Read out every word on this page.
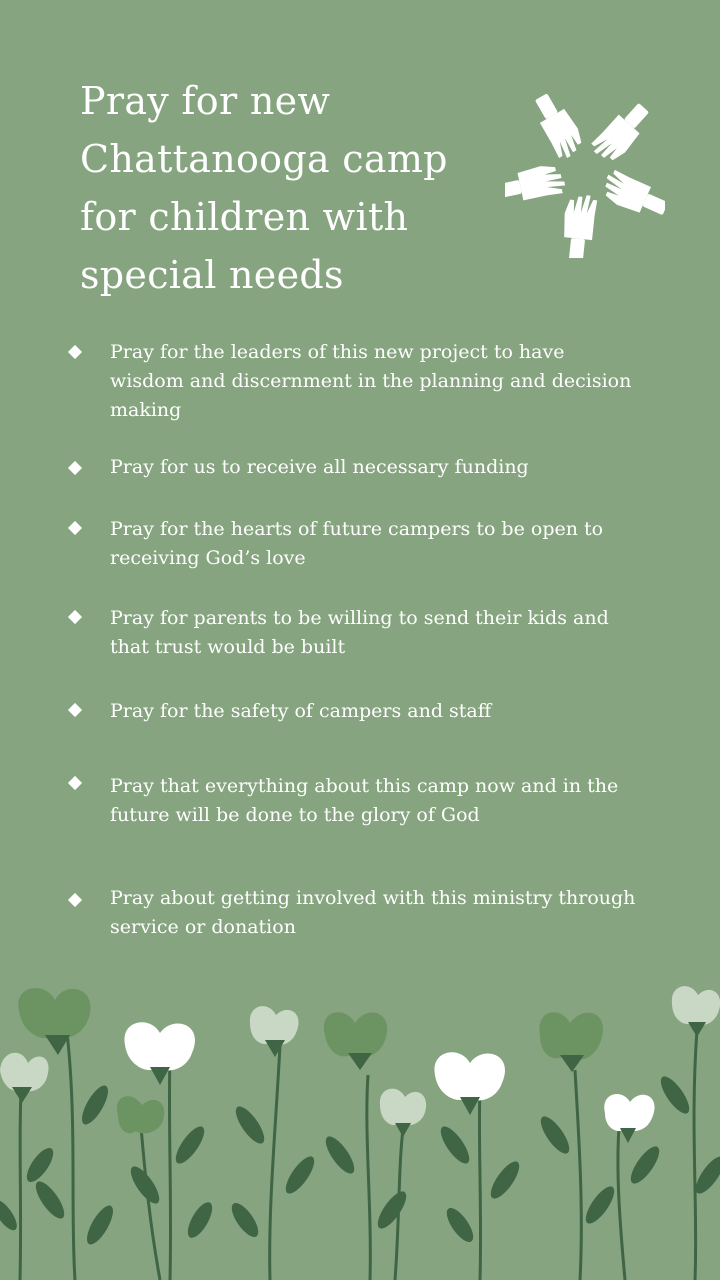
Pray for new
Chattanooga camp
for children with
special needs
Pray for the leaders of this new project to have wisdom and discernment in the planning and decision making
Pray for us to receive all necessary funding
Pray for the hearts of future campers to be open to receiving God’s love
Pray for parents to be willing to send their kids and that trust would be built
Pray for the safety of campers and staff
Pray that everything about this camp now and in the future will be done to the glory of God
Pray about getting involved with this ministry through service or donation
